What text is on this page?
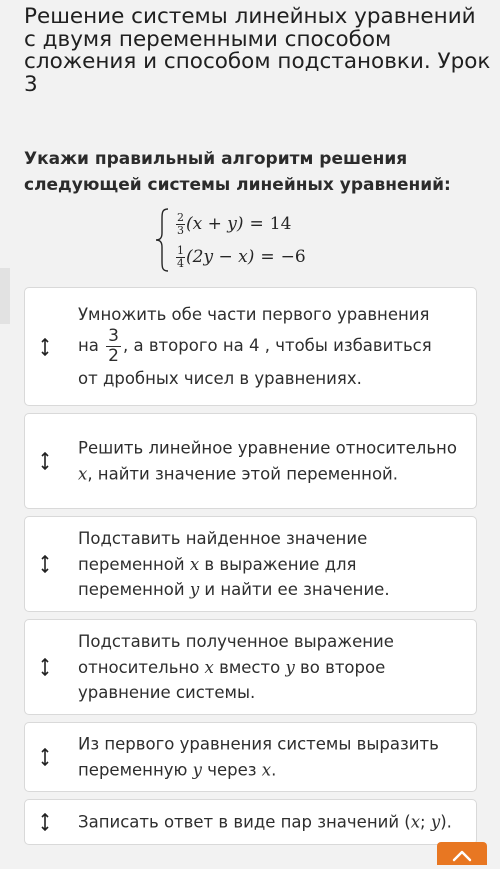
Решение системы линейных уравнений с двумя переменными способом сложения и способом подстановки. Урок 3

Укажи правильный алгоритм решения следующей системы линейных уравнений:

$\frac{2}{3} (x + y) = 14$
$\frac{1}{4} (2y - x) = -6$
Умножить обе части первого уравнения
на $\frac{3}{2}$ , а второго на 4 , чтобы избавиться
от дробных чисел в уравнениях.
Решить линейное уравнение относительно x, найти значение этой переменной.
Подставить найденное значение переменной x в выражение для переменной y и найти ее значение.
Подставить полученное выражение относительно x вместо y во второе уравнение системы.
Из первого уравнения системы выразить переменную y через x.
Записать ответ в виде пар значений (x; y).
